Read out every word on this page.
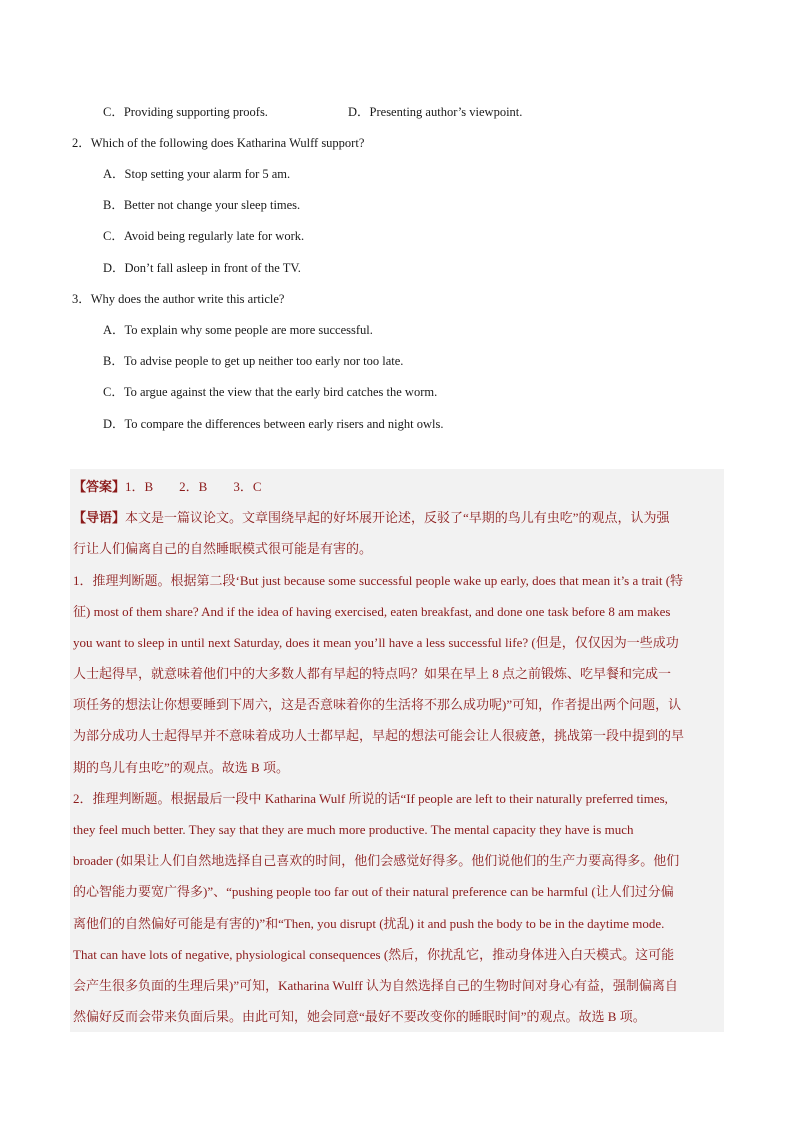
C．Providing supporting proofs.	D．Presenting author’s viewpoint.
2．Which of the following does Katharina Wulff support?
A．Stop setting your alarm for 5 am.
B．Better not change your sleep times.
C．Avoid being regularly late for work.
D．Don’t fall asleep in front of the TV.
3．Why does the author write this article?
A．To explain why some people are more successful.
B．To advise people to get up neither too early nor too late.
C．To argue against the view that the early bird catches the worm.
D．To compare the differences between early risers and night owls.
【答案】1．B　　2．B　　3．C
【导语】本文是一篇议论文。文章围绕早起的好坏展开论述，反驳了“早期的鸟儿有虫吃”的观点，认为强
行让人们偏离自己的自然睡眠模式很可能是有害的。
1．推理判断题。根据第二段‘But just because some successful people wake up early, does that mean it’s a trait (特
征) most of them share? And if the idea of having exercised, eaten breakfast, and done one task before 8 am makes
you want to sleep in until next Saturday, does it mean you’ll have a less successful life? (但是，仅仅因为一些成功
人士起得早，就意味着他们中的大多数人都有早起的特点吗？如果在早上 8 点之前锻炼、吃早餐和完成一
项任务的想法让你想要睡到下周六，这是否意味着你的生活将不那么成功呢)”可知，作者提出两个问题，认
为部分成功人士起得早并不意味着成功人士都早起，早起的想法可能会让人很疲惫，挑战第一段中提到的早
期的鸟儿有虫吃”的观点。故选 B 项。
2．推理判断题。根据最后一段中 Katharina Wulf 所说的话“If people are left to their naturally preferred times,
they feel much better. They say that they are much more productive. The mental capacity they have is much
broader (如果让人们自然地选择自己喜欢的时间，他们会感觉好得多。他们说他们的生产力要高得多。他们
的心智能力要宽广得多)”、“pushing people too far out of their natural preference can be harmful (让人们过分偏
离他们的自然偏好可能是有害的)”和“Then, you disrupt (扰乱) it and push the body to be in the daytime mode.
That can have lots of negative, physiological consequences (然后，你扰乱它，推动身体进入白天模式。这可能
会产生很多负面的生理后果)”可知，Katharina Wulff 认为自然选择自己的生物时间对身心有益，强制偏离自
然偏好反而会带来负面后果。由此可知，她会同意“最好不要改变你的睡眠时间”的观点。故选 B 项。
